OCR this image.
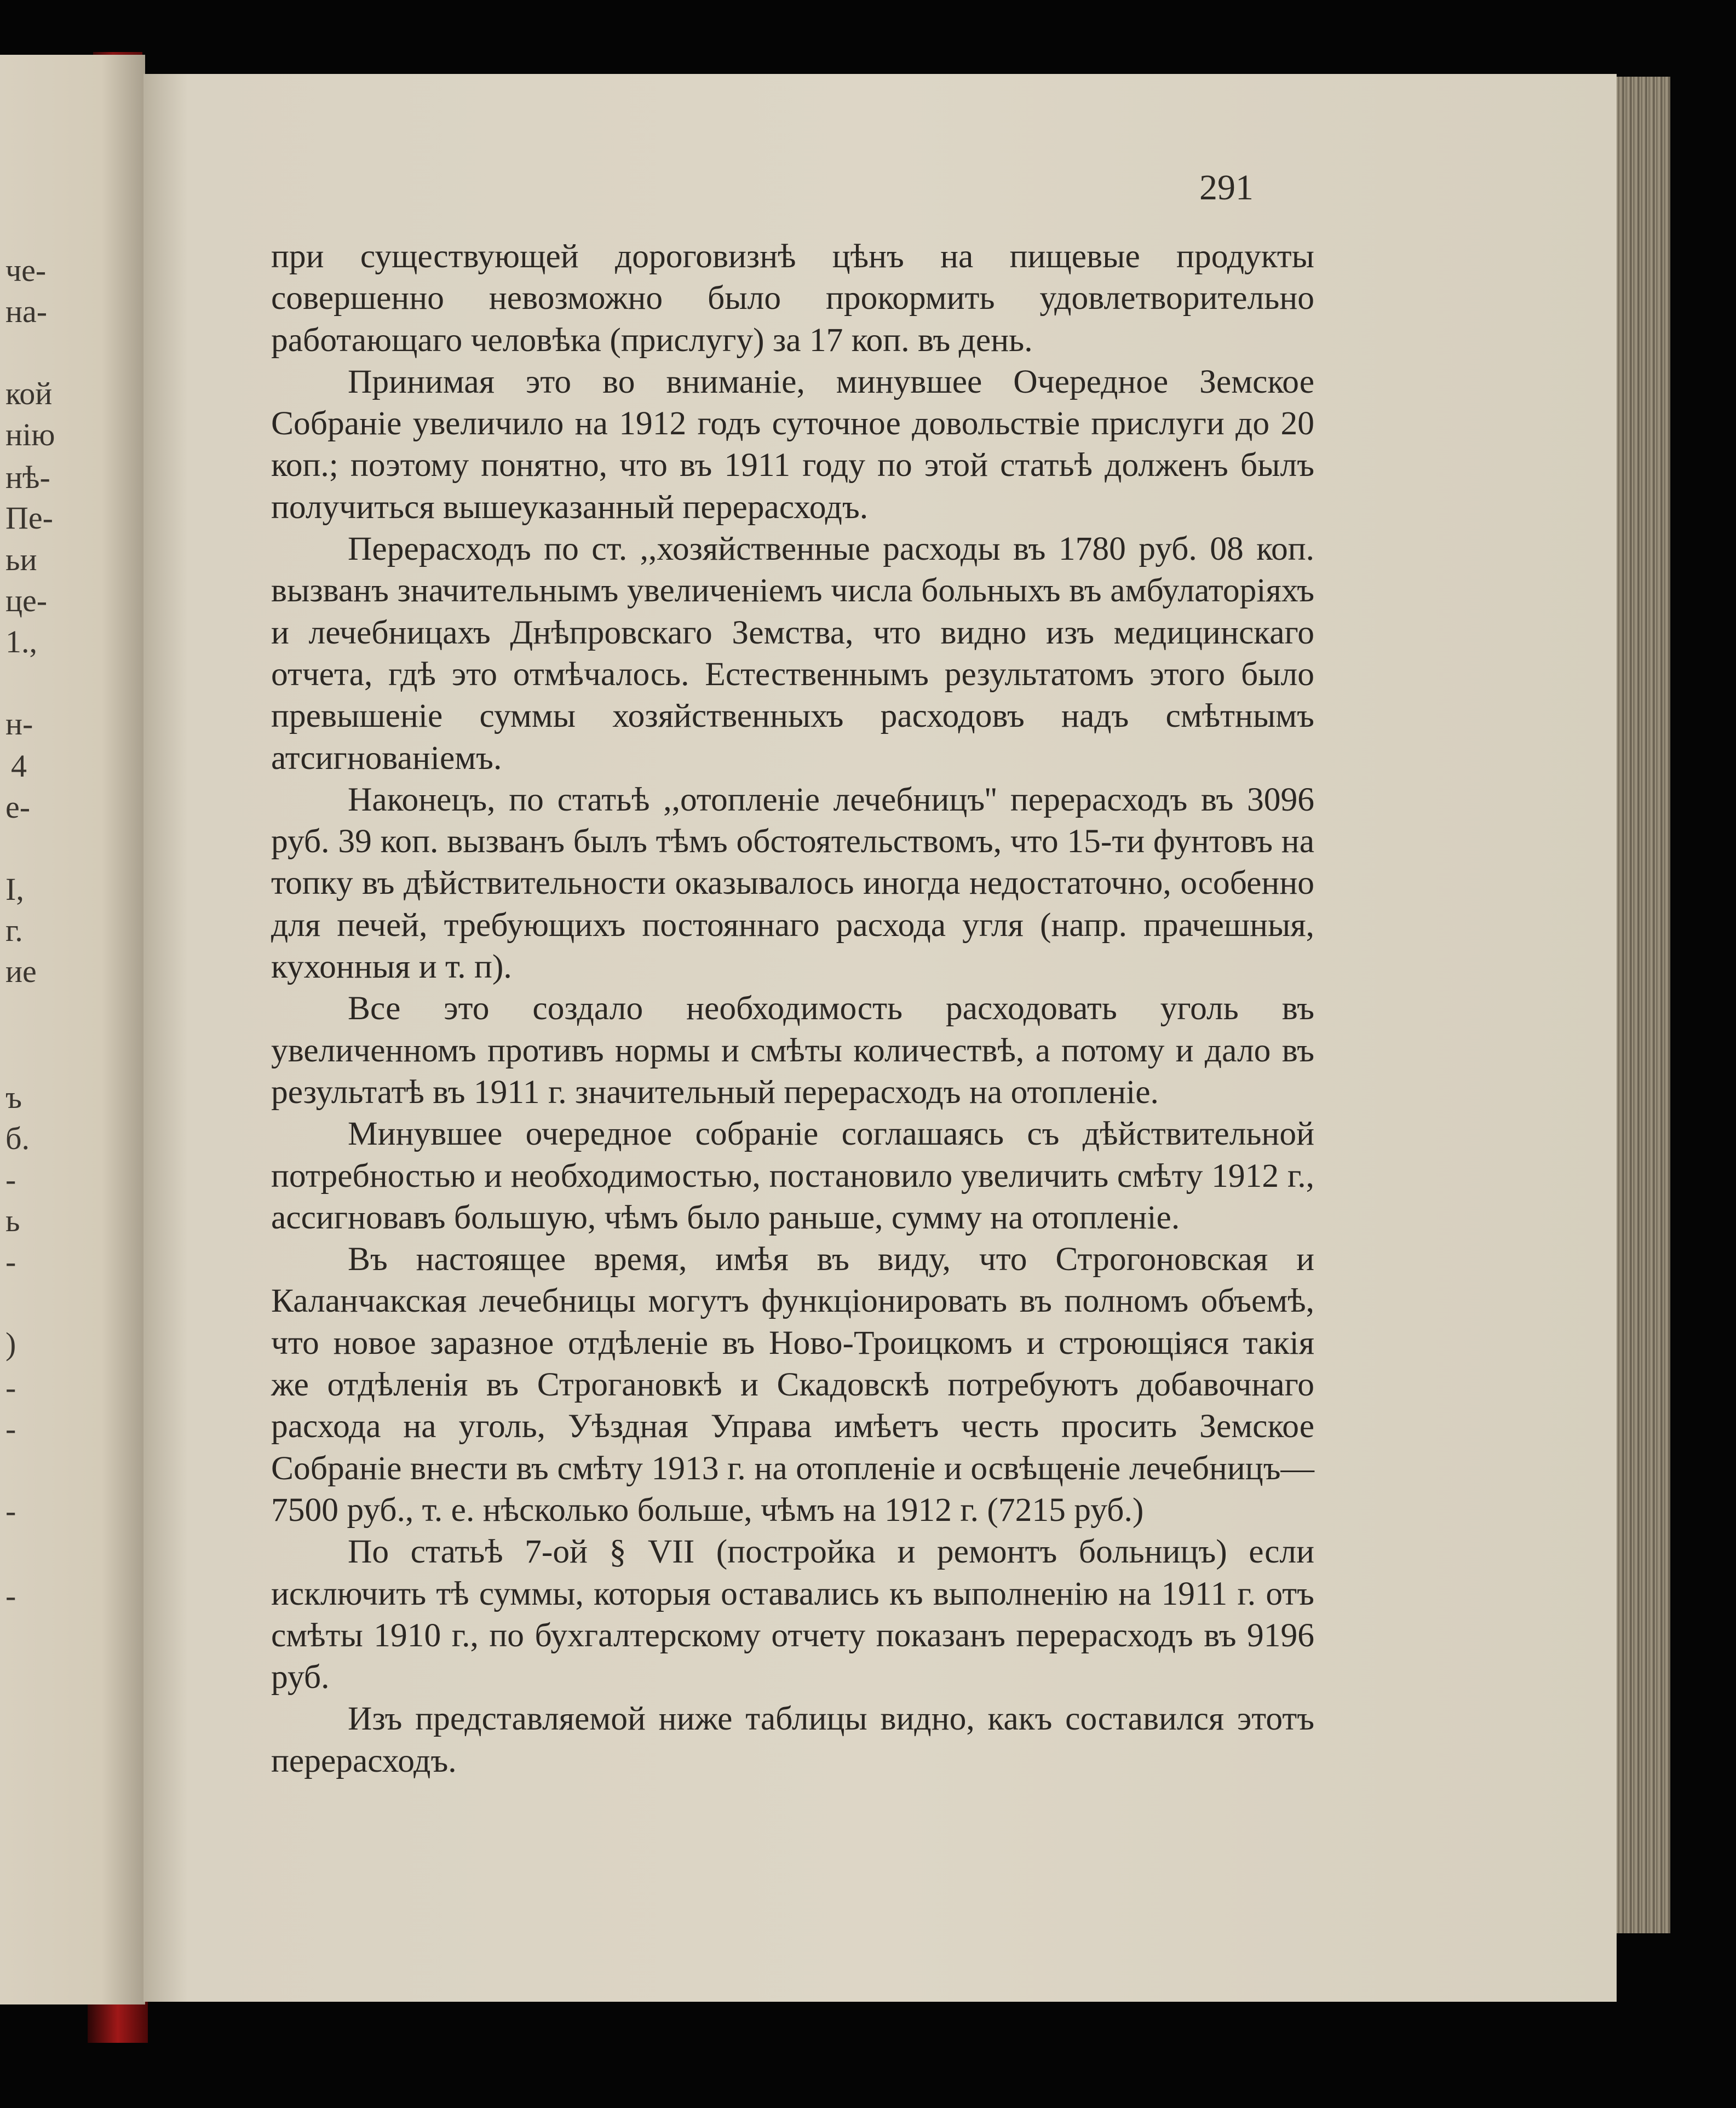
че-
на-
кой
нію
нѣ-
Пе-
ьи
це-
1.,
н-
4
е-
I,
г.
ие
ъ
б.
-
ь
-
)
-
-
-
-
291

при существующей дороговизнѣ цѣнъ на пищевые продукты совершенно невозможно было прокормить удовлетворительно работающаго человѣка (прислугу) за 17 коп. въ день.

Принимая это во вниманіе, минувшее Очередное Земское Собраніе увеличило на 1912 годъ суточное довольствіе прислуги до 20 коп.; поэтому понятно, что въ 1911 году по этой статьѣ долженъ былъ получиться вышеуказанный перерасходъ.

Перерасходъ по ст. ,,хозяйственные расходы въ 1780 руб. 08 коп. вызванъ значительнымъ увеличеніемъ числа больныхъ въ амбулаторіяхъ и лечебницахъ Днѣпровскаго Земства, что видно изъ медицинскаго отчета, гдѣ это отмѣчалось. Естественнымъ результатомъ этого было превышеніе суммы хозяйственныхъ расходовъ надъ смѣтнымъ атсигнованіемъ.

Наконецъ, по статьѣ ,,отопленіе лечебницъ'' перерасходъ въ 3096 руб. 39 коп. вызванъ былъ тѣмъ обстоятельствомъ, что 15-ти фунтовъ на топку въ дѣйствительности оказывалось иногда недостаточно, особенно для печей, требующихъ постояннаго расхода угля (напр. прачешныя, кухонныя и т. п).

Все это создало необходимость расходовать уголь въ увеличенномъ противъ нормы и смѣты количествѣ, а потому и дало въ результатѣ въ 1911 г. значительный перерасходъ на отопленіе.

Минувшее очередное собраніе соглашаясь съ дѣйствительной потребностью и необходимостью, постановило увеличить смѣту 1912 г., ассигновавъ большую, чѣмъ было раньше, сумму на отопленіе.

Въ настоящее время, имѣя въ виду, что Строгоновская и Каланчакская лечебницы могутъ функціонировать въ полномъ объемѣ, что новое заразное отдѣленіе въ Ново-Троицкомъ и строющіяся такія же отдѣленія въ Строгановкѣ и Скадовскѣ потребуютъ добавочнаго расхода на уголь, Уѣздная Управа имѣетъ честь просить Земское Собраніе внести въ смѣту 1913 г. на отопленіе и освѣщеніе лечебницъ—7500 руб., т. е. нѣсколько больше, чѣмъ на 1912 г. (7215 руб.)

По статьѣ 7-ой § VII (постройка и ремонтъ больницъ) если исключить тѣ суммы, которыя оставались къ выполненію на 1911 г. отъ смѣты 1910 г., по бухгалтерскому отчету показанъ перерасходъ въ 9196 руб.

Изъ представляемой ниже таблицы видно, какъ составился этотъ перерасходъ.
